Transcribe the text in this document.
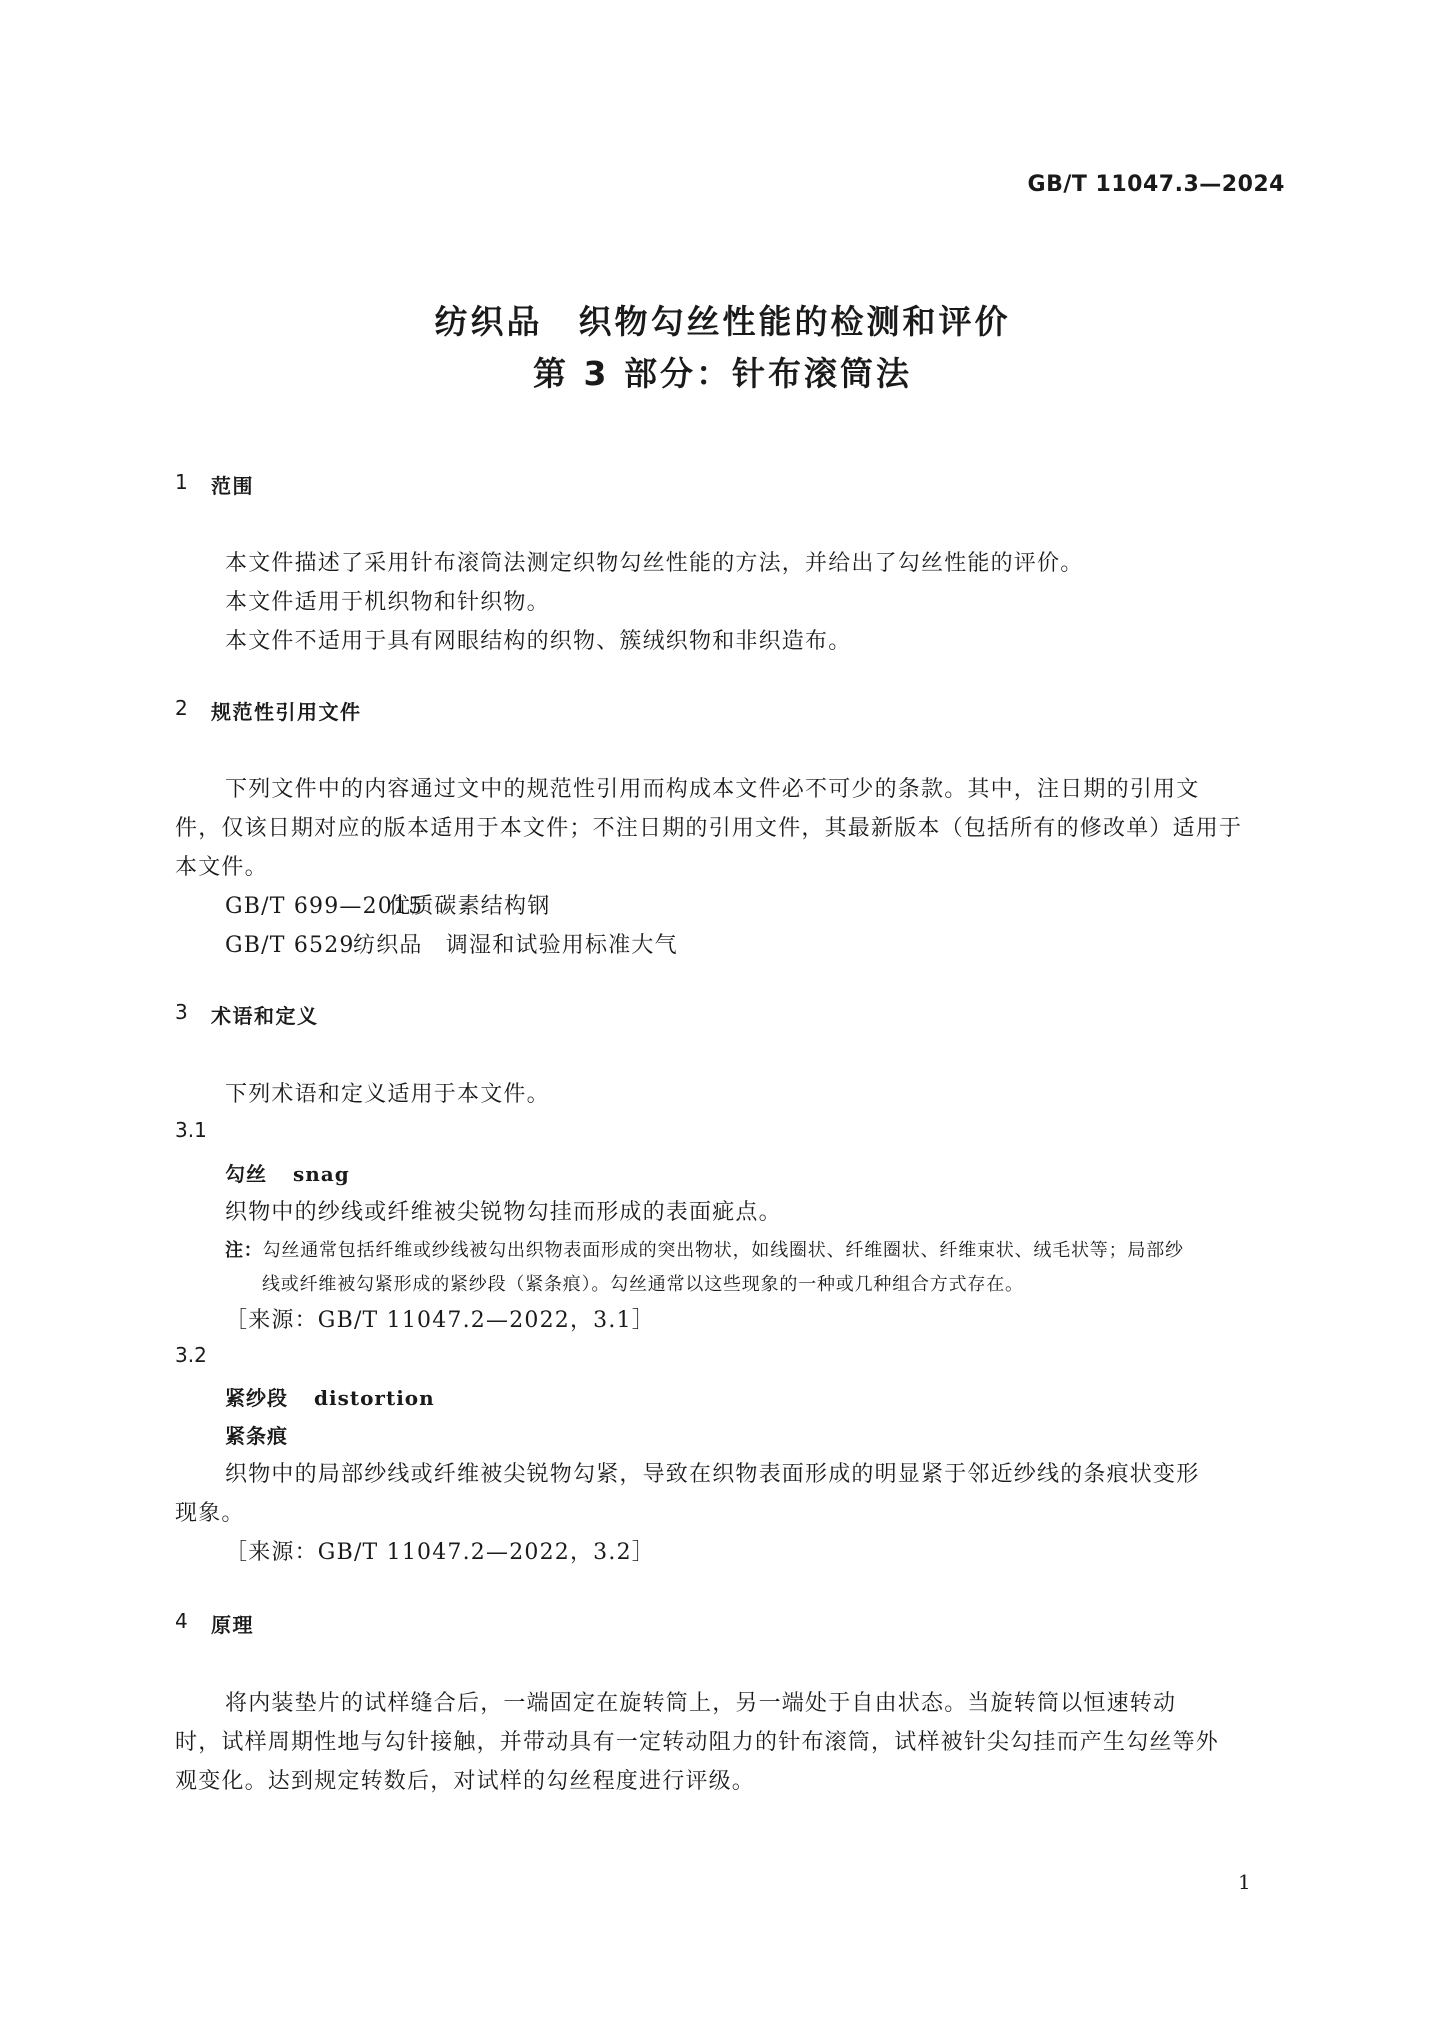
GB/T 11047.3—2024
纺织品　织物勾丝性能的检测和评价
第 3 部分：针布滚筒法
1 范围
本文件描述了采用针布滚筒法测定织物勾丝性能的方法，并给出了勾丝性能的评价。
本文件适用于机织物和针织物。
本文件不适用于具有网眼结构的织物、簇绒织物和非织造布。
2 规范性引用文件
下列文件中的内容通过文中的规范性引用而构成本文件必不可少的条款。其中，注日期的引用文
件，仅该日期对应的版本适用于本文件；不注日期的引用文件，其最新版本（包括所有的修改单）适用于
本文件。
GB/T 699—2015优质碳素结构钢
GB/T 6529纺织品　调湿和试验用标准大气
3 术语和定义
下列术语和定义适用于本文件。
3.1
勾丝 snag
织物中的纱线或纤维被尖锐物勾挂而形成的表面疵点。
注：勾丝通常包括纤维或纱线被勾出织物表面形成的突出物状，如线圈状、纤维圈状、纤维束状、绒毛状等；局部纱
线或纤维被勾紧形成的紧纱段（紧条痕）。勾丝通常以这些现象的一种或几种组合方式存在。
［来源：GB/T 11047.2—2022，3.1］
3.2
紧纱段 distortion
紧条痕
织物中的局部纱线或纤维被尖锐物勾紧，导致在织物表面形成的明显紧于邻近纱线的条痕状变形
现象。
［来源：GB/T 11047.2—2022，3.2］
4 原理
将内装垫片的试样缝合后，一端固定在旋转筒上，另一端处于自由状态。当旋转筒以恒速转动
时，试样周期性地与勾针接触，并带动具有一定转动阻力的针布滚筒，试样被针尖勾挂而产生勾丝等外
观变化。达到规定转数后，对试样的勾丝程度进行评级。
1
